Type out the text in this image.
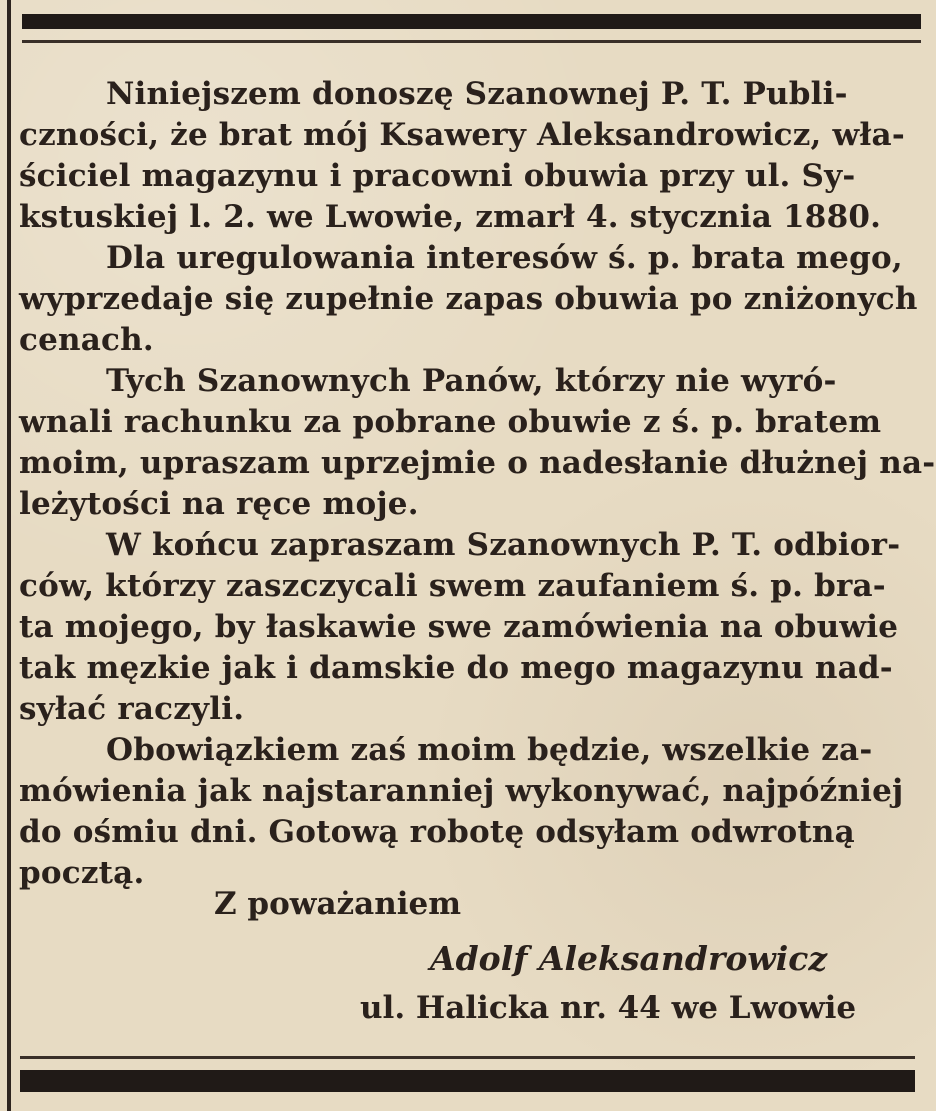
Niniejszem donoszę Szanownej P. T. Publi-
czności, że brat mój Ksawery Aleksandrowicz, wła-
ściciel magazynu i pracowni obuwia przy ul. Sy-
kstuskiej l. 2. we Lwowie, zmarł 4. stycznia 1880.

Dla uregulowania interesów ś. p. brata mego,
wyprzedaje się zupełnie zapas obuwia po zniżonych
cenach.

Tych Szanownych Panów, którzy nie wyró-
wnali rachunku za pobrane obuwie z ś. p. bratem
moim, upraszam uprzejmie o nadesłanie dłużnej na-
leżytości na ręce moje.

W końcu zapraszam Szanownych P. T. odbior-
ców, którzy zaszczycali swem zaufaniem ś. p. bra-
ta mojego, by łaskawie swe zamówienia na obuwie
tak męzkie jak i damskie do mego magazynu nad-
syłać raczyli.

Obowiązkiem zaś moim będzie, wszelkie za-
mówienia jak najstaranniej wykonywać, najpóźniej
do ośmiu dni. Gotową robotę odsyłam odwrotną
pocztą.

Z poważaniem
Adolf Aleksandrowicz
ul. Halicka nr. 44 we Lwowie
